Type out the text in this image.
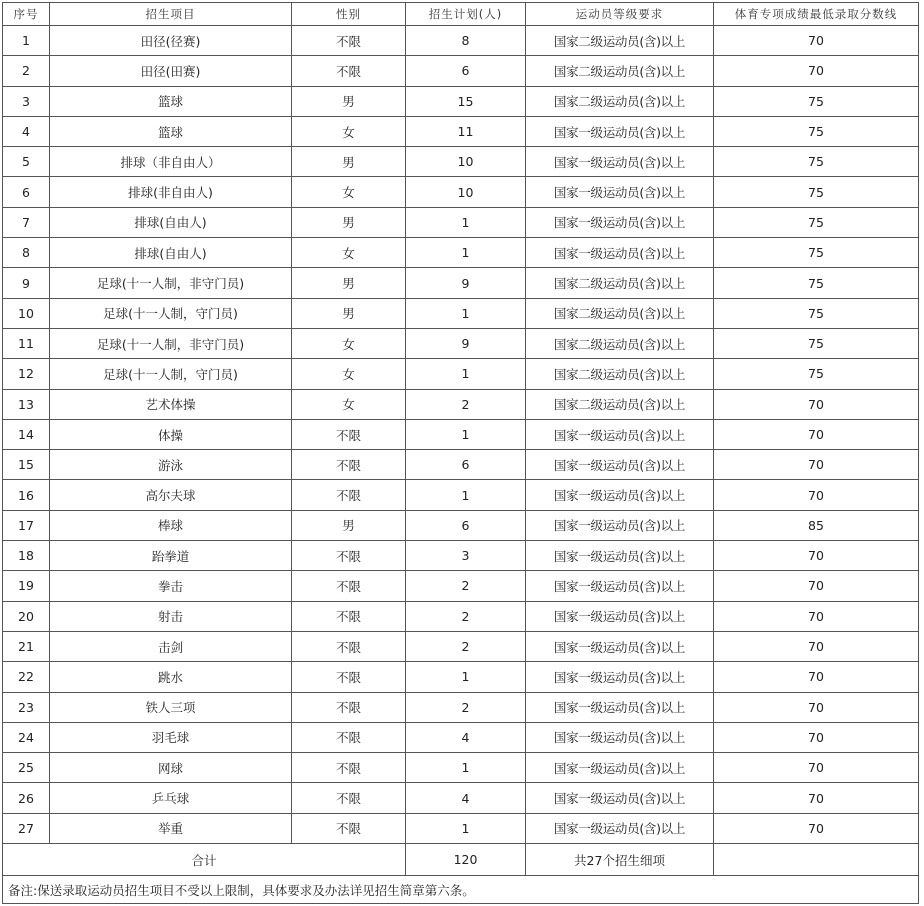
序号	招生项目	性别	招生计划(人)	运动员等级要求	体育专项成绩最低录取分数线
1	田径(径赛)	不限	8	国家二级运动员(含)以上	70
2	田径(田赛)	不限	6	国家二级运动员(含)以上	70
3	篮球	男	15	国家二级运动员(含)以上	75
4	篮球	女	11	国家一级运动员(含)以上	75
5	排球（非自由人）	男	10	国家一级运动员(含)以上	75
6	排球(非自由人)	女	10	国家一级运动员(含)以上	75
7	排球(自由人)	男	1	国家一级运动员(含)以上	75
8	排球(自由人)	女	1	国家一级运动员(含)以上	75
9	足球(十一人制，非守门员)	男	9	国家二级运动员(含)以上	75
10	足球(十一人制，守门员)	男	1	国家二级运动员(含)以上	75
11	足球(十一人制，非守门员)	女	9	国家二级运动员(含)以上	75
12	足球(十一人制，守门员)	女	1	国家二级运动员(含)以上	75
13	艺术体操	女	2	国家二级运动员(含)以上	70
14	体操	不限	1	国家一级运动员(含)以上	70
15	游泳	不限	6	国家一级运动员(含)以上	70
16	高尔夫球	不限	1	国家一级运动员(含)以上	70
17	棒球	男	6	国家一级运动员(含)以上	85
18	跆拳道	不限	3	国家一级运动员(含)以上	70
19	拳击	不限	2	国家一级运动员(含)以上	70
20	射击	不限	2	国家一级运动员(含)以上	70
21	击剑	不限	2	国家一级运动员(含)以上	70
22	跳水	不限	1	国家一级运动员(含)以上	70
23	铁人三项	不限	2	国家一级运动员(含)以上	70
24	羽毛球	不限	4	国家一级运动员(含)以上	70
25	网球	不限	1	国家一级运动员(含)以上	70
26	乒乓球	不限	4	国家一级运动员(含)以上	70
27	举重	不限	1	国家一级运动员(含)以上	70
合计			120	共27个招生细项	
备注:保送录取运动员招生项目不受以上限制，具体要求及办法详见招生简章第六条。					
